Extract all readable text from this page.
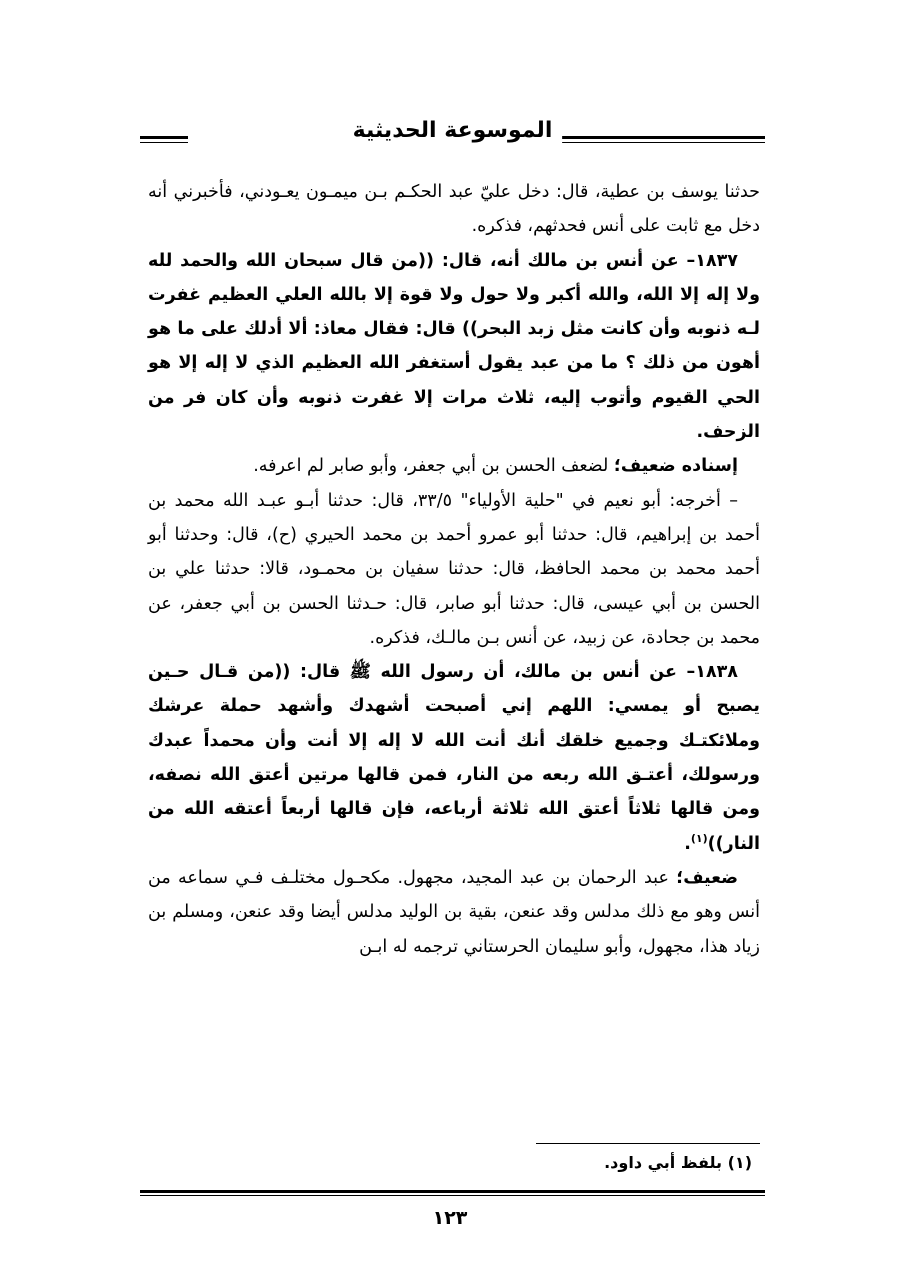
الموسوعة الحديثية

حدثنا يوسف بن عطية، قال: دخل عليّ عبد الحكـم بـن ميمـون يعـودني، فأخبرني أنه دخل مع ثابت على أنس فحدثهم، فذكره.

١٨٣٧– عن أنس بن مالك أنه، قال: ((من قال سبحان الله والحمد لله ولا إله إلا الله، والله أكبر ولا حول ولا قوة إلا بالله العلي العظيم غفرت لـه ذنوبه وأن كانت مثل زبد البحر)) قال: فقال معاذ: ألا أدلك على ما هو أهون من ذلك ؟ ما من عبد يقول أستغفر الله العظيم الذي لا إله إلا هو الحي القيوم وأتوب إليه، ثلاث مرات إلا غفرت ذنوبه وأن كان فر من الزحف.

إسناده ضعيف؛ لضعف الحسن بن أبي جعفر، وأبو صابر لم اعرفه.

– أخرجه: أبو نعيم في "حلية الأولياء" ٣٣/٥، قال: حدثنا أبـو عبـد الله محمد بن أحمد بن إبراهيم، قال: حدثنا أبو عمرو أحمد بن محمد الحيري (ح)، قال: وحدثنا أبو أحمد محمد بن محمد الحافظ، قال: حدثنا سفيان بن محمـود، قالا: حدثنا علي بن الحسن بن أبي عيسى، قال: حدثنا أبو صابر، قال: حـدثنا الحسن بن أبي جعفر، عن محمد بن جحادة، عن زبيد، عن أنس بـن مالـك، فذكره.

١٨٣٨– عن أنس بن مالك، أن رسول الله ﷺ قال: ((من قـال حـين يصبح أو يمسي: اللهم إني أصبحت أشهدك وأشهد حملة عرشك وملائكتـك وجميع خلقك أنك أنت الله لا إله إلا أنت وأن محمداً عبدك ورسولك، أعتـق الله ربعه من النار، فمن قالها مرتين أعتق الله نصفه، ومن قالها ثلاثاً أعتق الله ثلاثة أرباعه، فإن قالها أربعاً أعتقه الله من النار))$^{(١)}$.

ضعيف؛ عبد الرحمان بن عبد المجيد، مجهول. مكحـول مختلـف فـي سماعه من أنس وهو مع ذلك مدلس وقد عنعن، بقية بن الوليد مدلس أيضا وقد عنعن، ومسلم بن زياد هذا، مجهول، وأبو سليمان الحرستاني ترجمه له ابـن

(١) بلفظ أبي داود.
١٢٣
